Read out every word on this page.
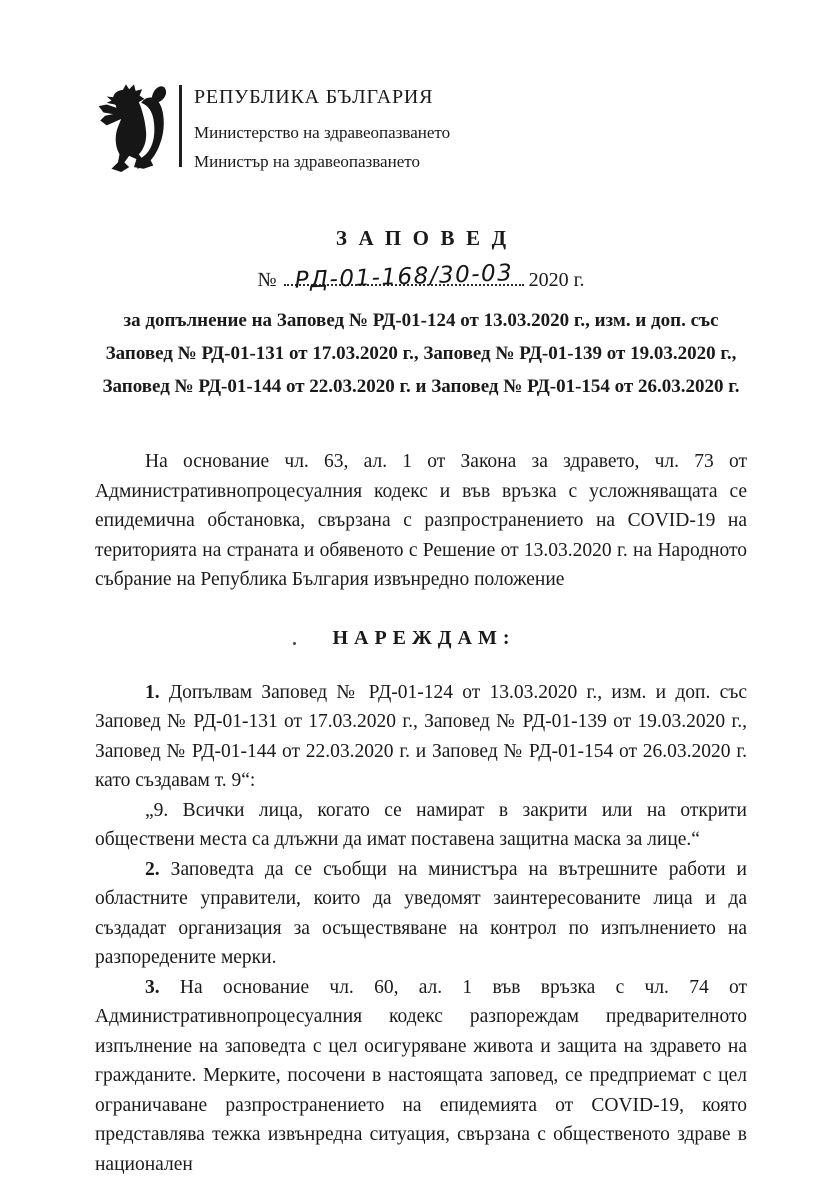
РЕПУБЛИКА БЪЛГАРИЯ
Министерство на здравеопазването
Министър на здравеопазването
ЗАПОВЕД
№ РД-01-168/30-03 2020 г.
за допълнение на Заповед № РД-01-124 от 13.03.2020 г., изм. и доп. със Заповед № РД-01-131 от 17.03.2020 г., Заповед № РД-01-139 от 19.03.2020 г., Заповед № РД-01-144 от 22.03.2020 г. и Заповед № РД-01-154 от 26.03.2020 г.

На основание чл. 63, ал. 1 от Закона за здравето, чл. 73 от Административнопроцесуалния кодекс и във връзка с усложняващата се епидемична обстановка, свързана с разпространението на COVID-19 на територията на страната и обявеното с Решение от 13.03.2020 г. на Народното събрание на Република България извънредно положение

НАРЕЖДАМ:

1. Допълвам Заповед № РД-01-124 от 13.03.2020 г., изм. и доп. със Заповед № РД-01-131 от 17.03.2020 г., Заповед № РД-01-139 от 19.03.2020 г., Заповед № РД-01-144 от 22.03.2020 г. и Заповед № РД-01-154 от 26.03.2020 г. като създавам т. 9“:

„9. Всички лица, когато се намират в закрити или на открити обществени места са длъжни да имат поставена защитна маска за лице.“

2. Заповедта да се съобщи на министъра на вътрешните работи и областните управители, които да уведомят заинтересованите лица и да създадат организация за осъществяване на контрол по изпълнението на разпоредените мерки.

3. На основание чл. 60, ал. 1 във връзка с чл. 74 от Административнопроцесуалния кодекс разпореждам предварителното изпълнение на заповедта с цел осигуряване живота и защита на здравето на гражданите. Мерките, посочени в настоящата заповед, се предприемат с цел ограничаване разпространението на епидемията от COVID-19, която представлява тежка извънредна ситуация, свързана с общественото здраве в национален
